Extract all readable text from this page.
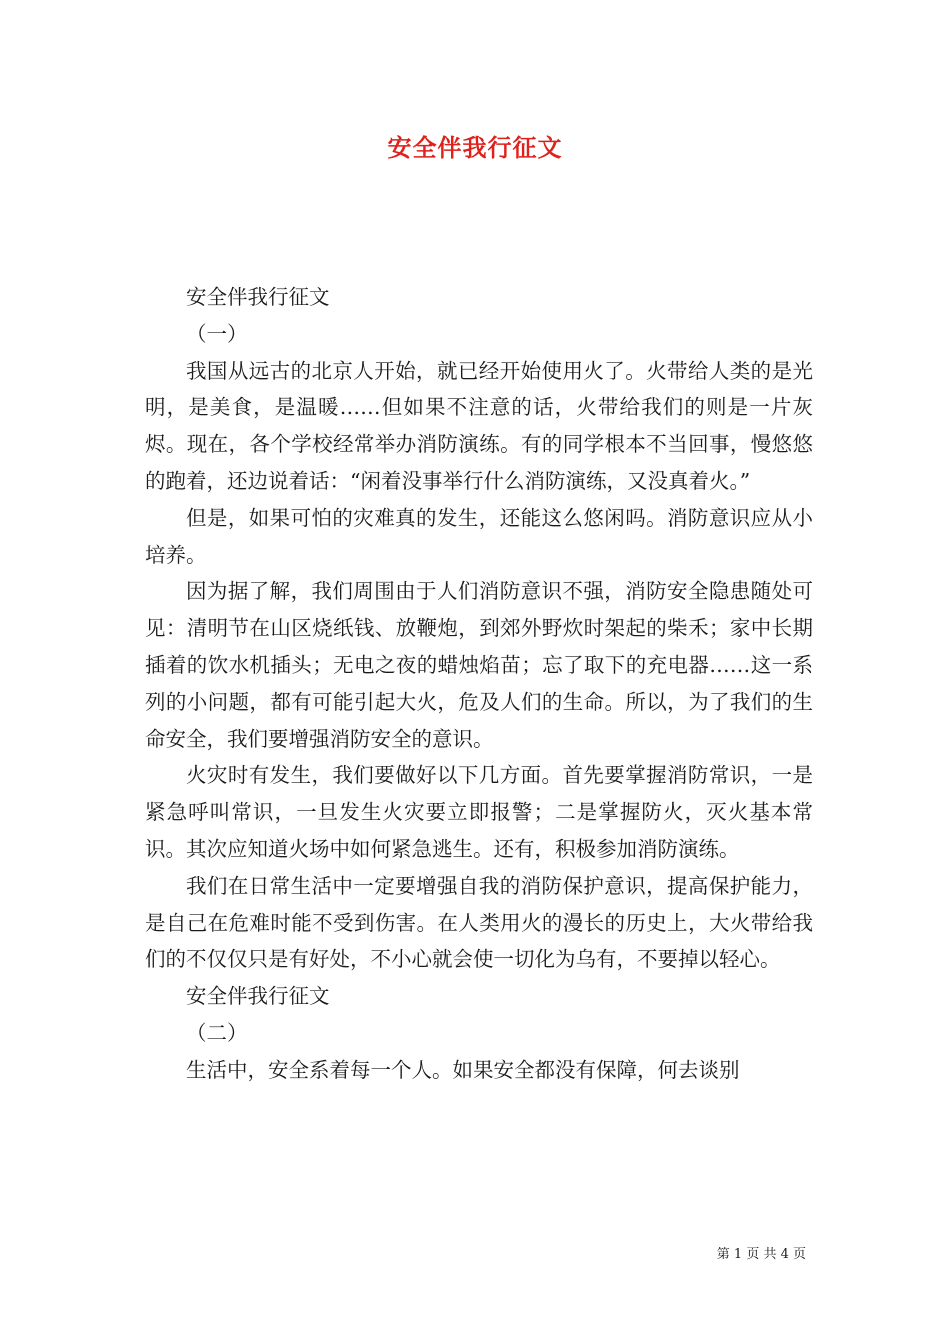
安全伴我行征文

安全伴我行征文

（一）

我国从远古的北京人开始，就已经开始使用火了。火带给人类的是光明，是美食，是温暖……但如果不注意的话，火带给我们的则是一片灰烬。现在，各个学校经常举办消防演练。有的同学根本不当回事，慢悠悠的跑着，还边说着话：“闲着没事举行什么消防演练，又没真着火。”

但是，如果可怕的灾难真的发生，还能这么悠闲吗。消防意识应从小培养。

因为据了解，我们周围由于人们消防意识不强，消防安全隐患随处可见：清明节在山区烧纸钱、放鞭炮，到郊外野炊时架起的柴禾；家中长期插着的饮水机插头；无电之夜的蜡烛焰苗；忘了取下的充电器……这一系列的小问题，都有可能引起大火，危及人们的生命。所以，为了我们的生命安全，我们要增强消防安全的意识。

火灾时有发生，我们要做好以下几方面。首先要掌握消防常识，一是紧急呼叫常识，一旦发生火灾要立即报警；二是掌握防火，灭火基本常识。其次应知道火场中如何紧急逃生。还有，积极参加消防演练。

我们在日常生活中一定要增强自我的消防保护意识，提高保护能力，是自己在危难时能不受到伤害。在人类用火的漫长的历史上，大火带给我们的不仅仅只是有好处，不小心就会使一切化为乌有，不要掉以轻心。

安全伴我行征文

（二）

生活中，安全系着每一个人。如果安全都没有保障，何去谈别

第 1 页 共 4 页
